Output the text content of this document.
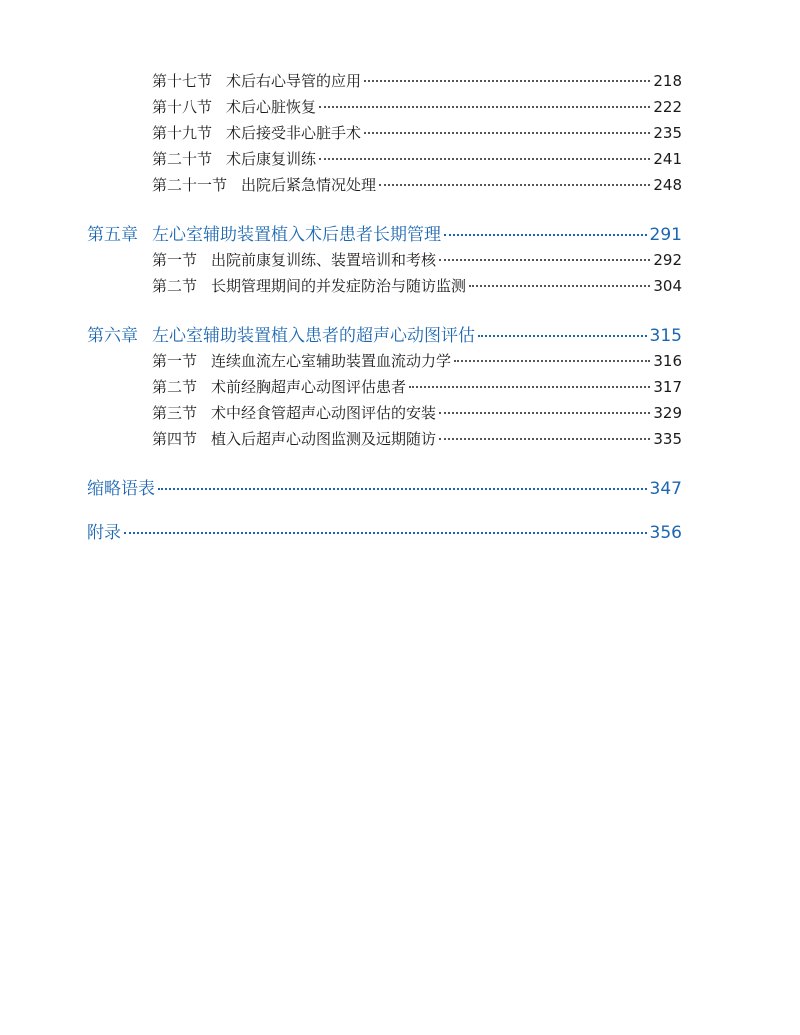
第十七节 术后右心导管的应用	218
第十八节 术后心脏恢复	222
第十九节 术后接受非心脏手术	235
第二十节 术后康复训练	241
第二十一节 出院后紧急情况处理	248
第五章 左心室辅助装置植入术后患者长期管理	291
第一节 出院前康复训练、装置培训和考核	292
第二节 长期管理期间的并发症防治与随访监测	304
第六章 左心室辅助装置植入患者的超声心动图评估	315
第一节 连续血流左心室辅助装置血流动力学	316
第二节 术前经胸超声心动图评估患者	317
第三节 术中经食管超声心动图评估的安装	329
第四节 植入后超声心动图监测及远期随访	335
缩略语表	347
附录	356
